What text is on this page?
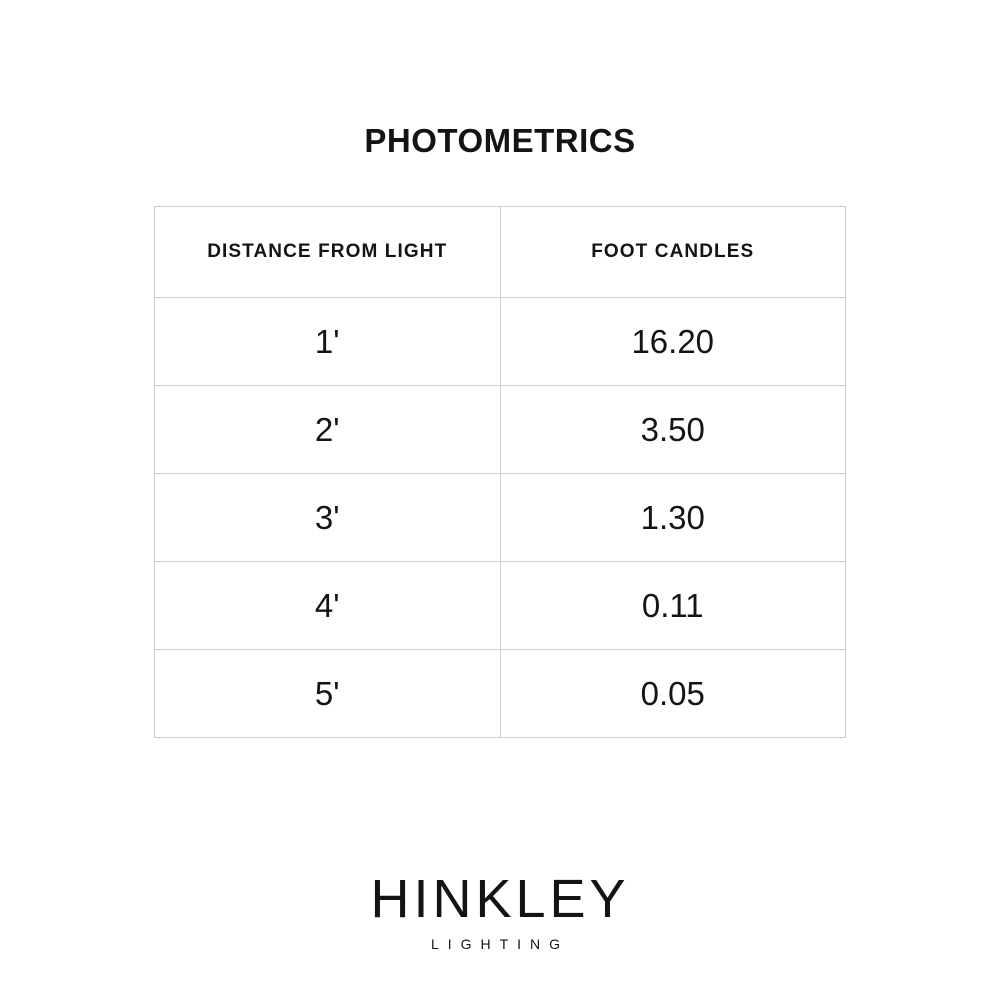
PHOTOMETRICS
DISTANCE FROM LIGHT	FOOT CANDLES
1'	16.20
2'	3.50
3'	1.30
4'	0.11
5'	0.05
HINKLEY
LIGHTING
